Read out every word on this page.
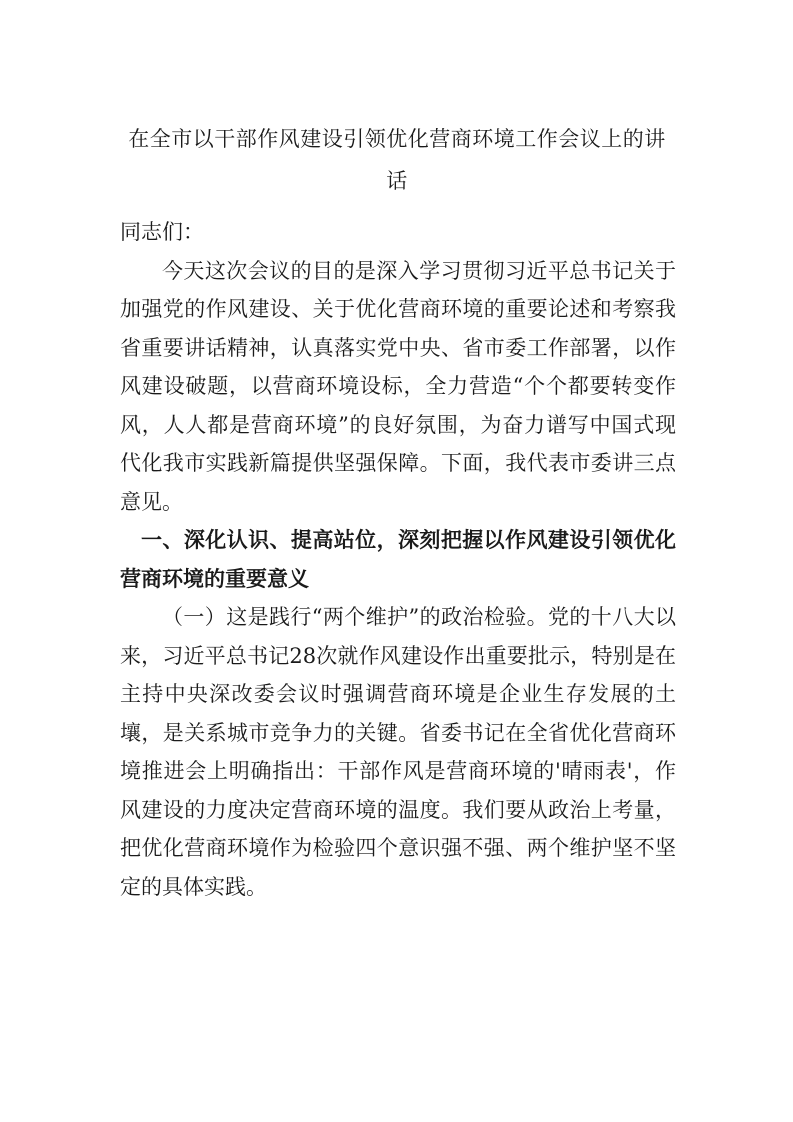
在全市以干部作风建设引领优化营商环境工作会议上的讲话

同志们：

今天这次会议的目的是深入学习贯彻习近平总书记关于加强党的作风建设、关于优化营商环境的重要论述和考察我省重要讲话精神，认真落实党中央、省市委工作部署，以作风建设破题，以营商环境设标，全力营造“个个都要转变作风，人人都是营商环境”的良好氛围，为奋力谱写中国式现代化我市实践新篇提供坚强保障。下面，我代表市委讲三点意见。

一、深化认识、提高站位，深刻把握以作风建设引领优化营商环境的重要意义

（一）这是践行“两个维护”的政治检验。党的十八大以来，习近平总书记28次就作风建设作出重要批示，特别是在主持中央深改委会议时强调营商环境是企业生存发展的土壤，是关系城市竞争力的关键。省委书记在全省优化营商环境推进会上明确指出：干部作风是营商环境的'晴雨表'，作风建设的力度决定营商环境的温度。我们要从政治上考量，把优化营商环境作为检验四个意识强不强、两个维护坚不坚定的具体实践。
